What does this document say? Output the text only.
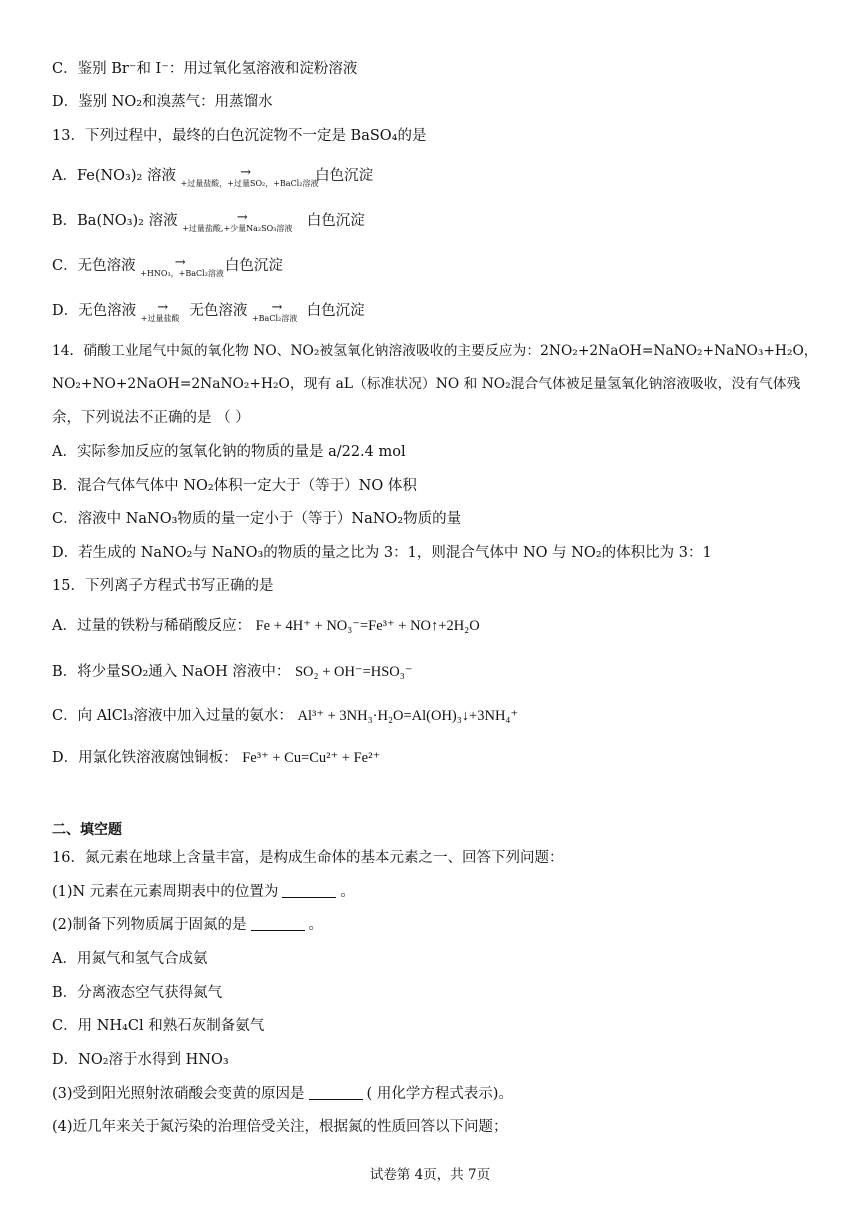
C．鉴别 Br⁻和 I⁻：用过氧化氢溶液和淀粉溶液
D．鉴别 NO₂和溴蒸气：用蒸馏水
13．下列过程中，最终的白色沉淀物不一定是 BaSO₄的是
A．Fe(NO₃)₂ 溶液	→
+过量盐酸，+过量SO₂，+BaCl₂溶液
白色沉淀
B．Ba(NO₃)₂ 溶液	→
+过量盐酸,+少量Na₂SO₃溶液 白色沉淀
C．无色溶液	→
+HNO₃，+BaCl₂溶液 白色沉淀
D．无色溶液	→
+过量盐酸 无色溶液	→
+BaCl₂溶液 白色沉淀
14．硝酸工业尾气中氮的氧化物 NO、NO₂被氢氧化钠溶液吸收的主要反应为：2NO₂+2NaOH=NaNO₂+NaNO₃+H₂O，
NO₂+NO+2NaOH=2NaNO₂+H₂O，现有 aL（标准状况）NO 和 NO₂混合气体被足量氢氧化钠溶液吸收，没有气体残
余，下列说法不正确的是 （ ）
A．实际参加反应的氢氧化钠的物质的量是 a/22.4 mol
B．混合气体气体中 NO₂体积一定大于（等于）NO 体积
C．溶液中 NaNO₃物质的量一定小于（等于）NaNO₂物质的量
D．若生成的 NaNO₂与 NaNO₃的物质的量之比为 3：1，则混合气体中 NO 与 NO₂的体积比为 3：1
15．下列离子方程式书写正确的是
A．过量的铁粉与稀硝酸反应： Fe + 4H⁺ + NO₃⁻=Fe³⁺ + NO↑+2H₂O
B．将少量SO₂通入 NaOH 溶液中： SO₂ + OH⁻=HSO₃⁻
C．向 AlCl₃溶液中加入过量的氨水： Al³⁺ + 3NH₃·H₂O=Al(OH)₃↓+3NH₄⁺
D．用氯化铁溶液腐蚀铜板： Fe³⁺ + Cu=Cu²⁺ + Fe²⁺
二、填空题
16．氮元素在地球上含量丰富，是构成生命体的基本元素之一、回答下列问题：
(1)N 元素在元素周期表中的位置为	。
(2)制备下列物质属于固氮的是	。
A．用氮气和氢气合成氨
B．分离液态空气获得氮气
C．用 NH₄Cl 和熟石灰制备氨气
D．NO₂溶于水得到 HNO₃
(3)受到阳光照射浓硝酸会变黄的原因是	( 用化学方程式表示)。
(4)近几年来关于氮污染的治理倍受关注，根据氮的性质回答以下问题；
试卷第 4页，共 7页
